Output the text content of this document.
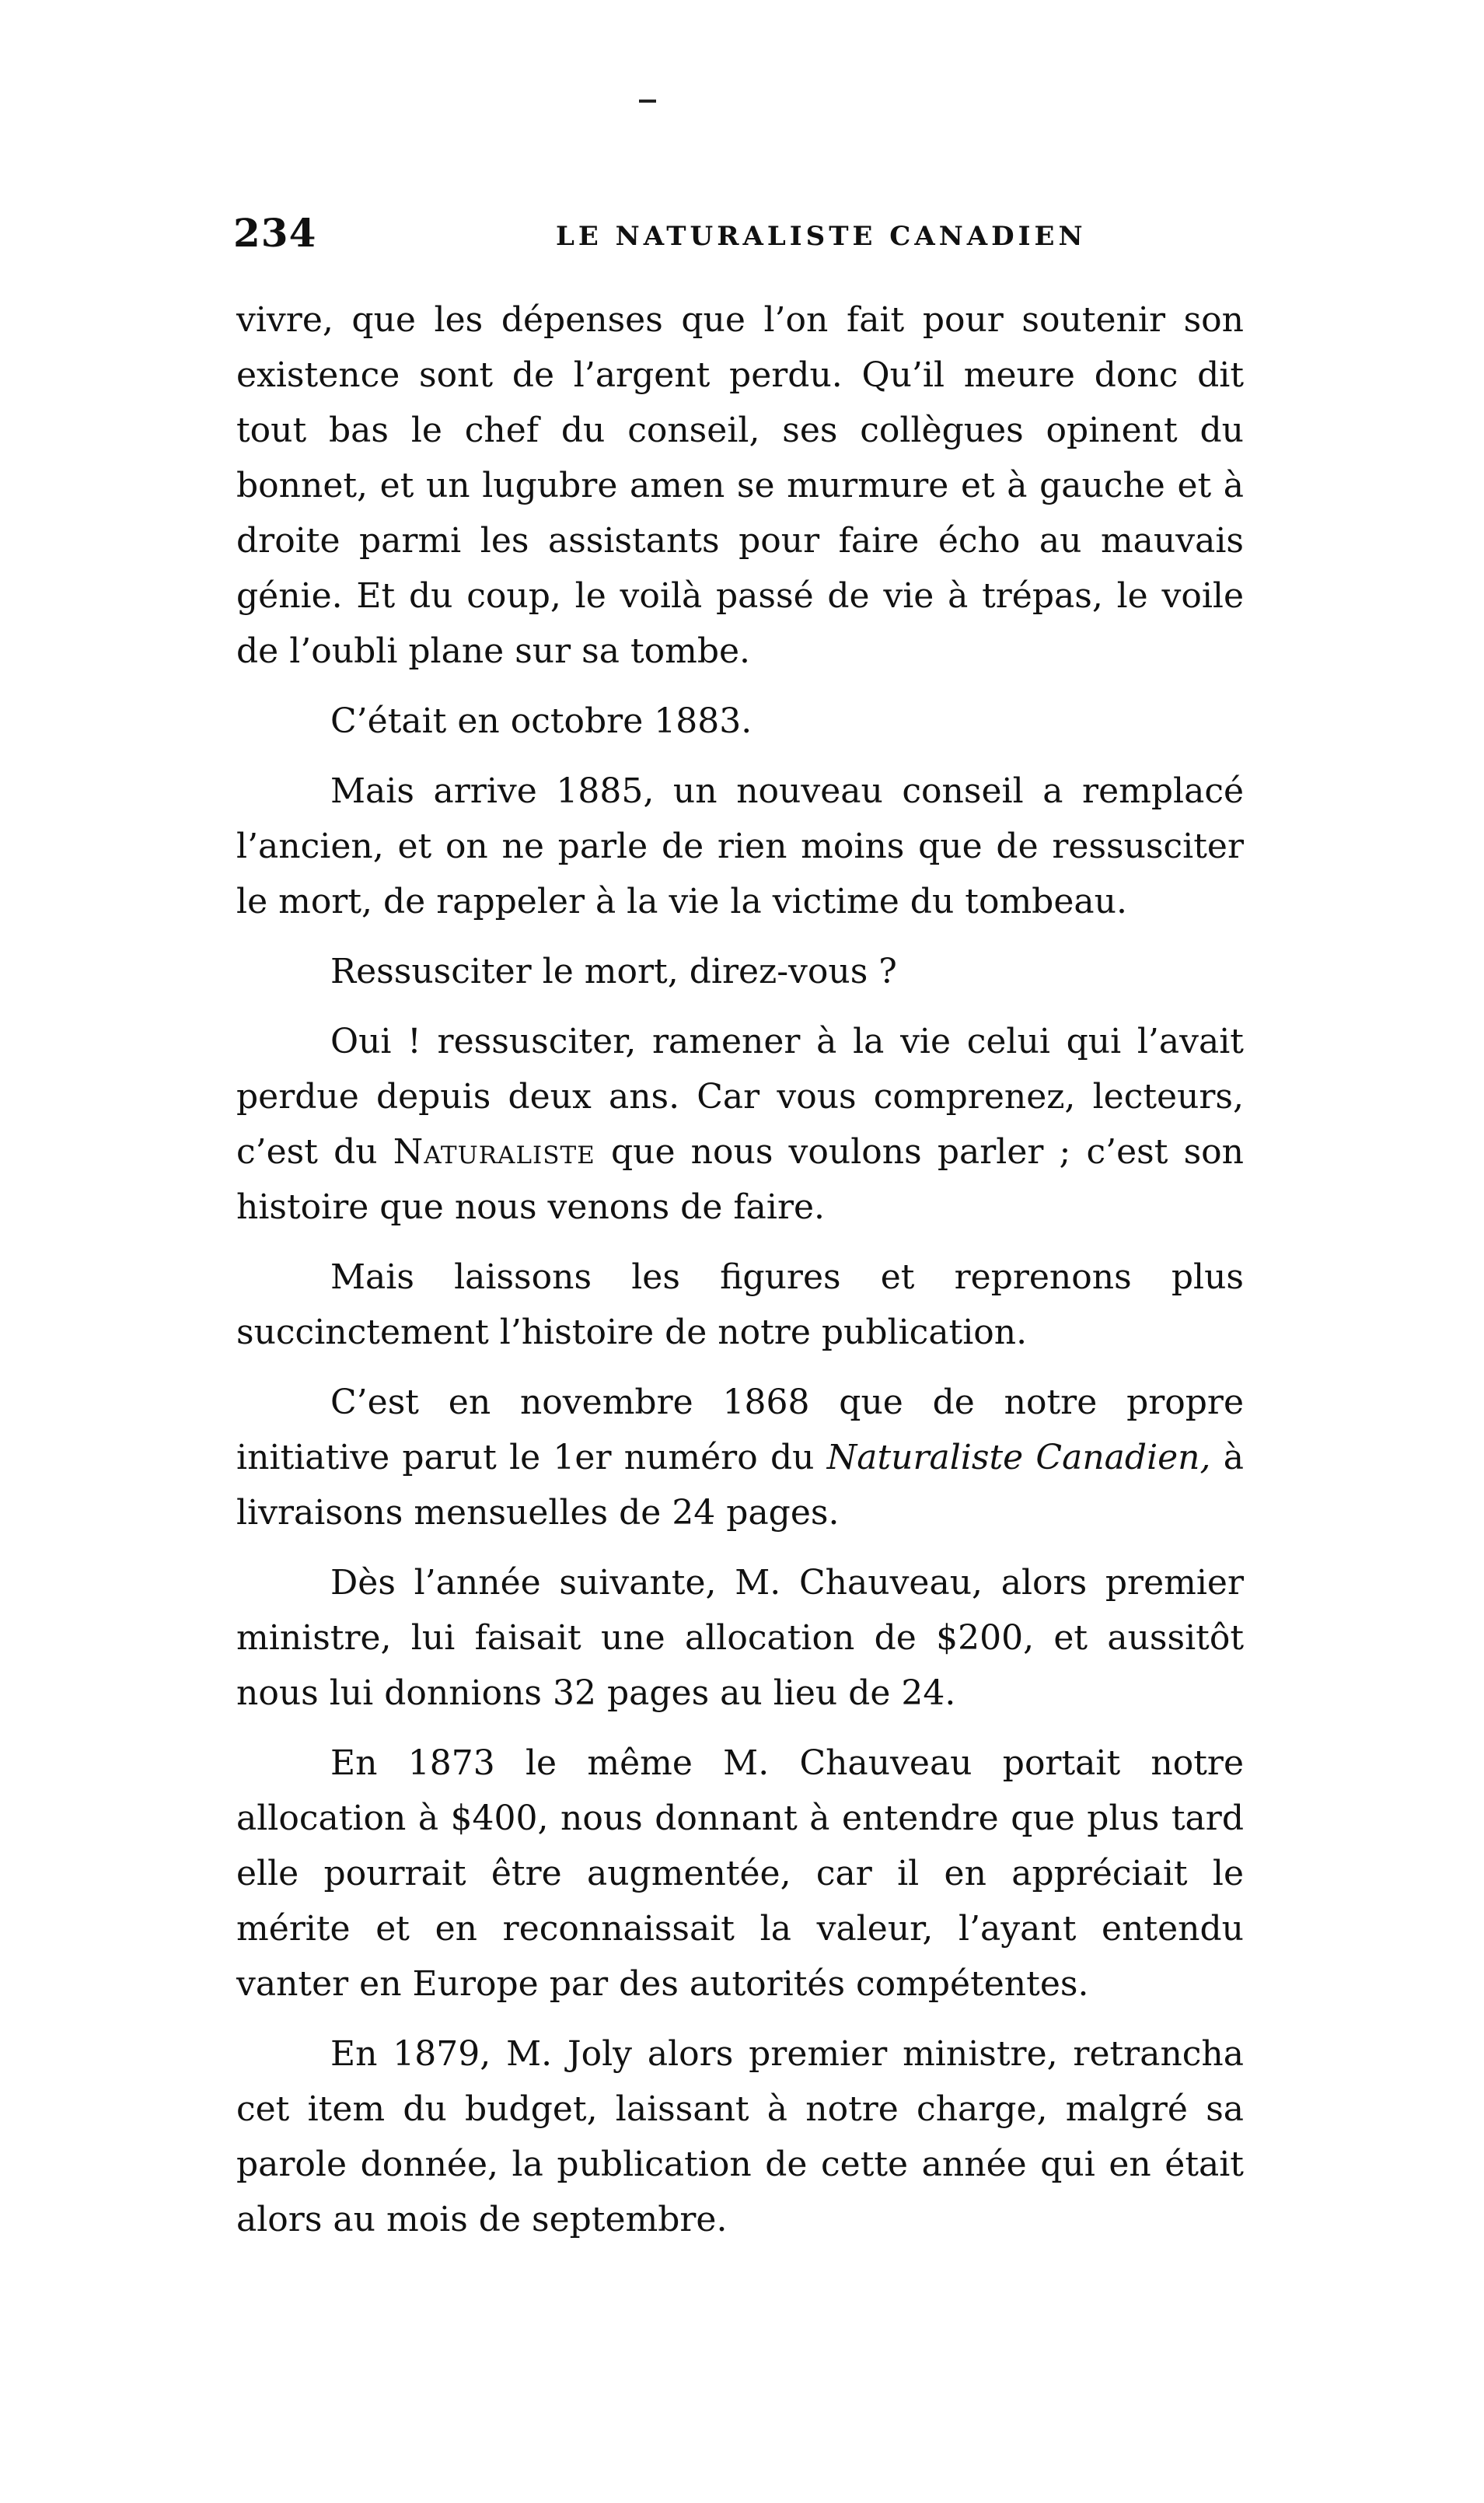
234	LE NATURALISTE CANADIEN

vivre, que les dépenses que l’on fait pour soutenir son existence sont de l’argent perdu. Qu’il meure donc dit tout bas le chef du conseil, ses collègues opinent du bonnet, et un lugubre amen se murmure et à gauche et à droite parmi les assistants pour faire écho au mauvais génie. Et du coup, le voilà passé de vie à trépas, le voile de l’oubli plane sur sa tombe.

C’était en octobre 1883.

Mais arrive 1885, un nouveau conseil a remplacé l’ancien, et on ne parle de rien moins que de ressusciter le mort, de rappeler à la vie la victime du tombeau.

Ressusciter le mort, direz-vous ?

Oui ! ressusciter, ramener à la vie celui qui l’avait perdue depuis deux ans. Car vous comprenez, lecteurs, c’est du Naturaliste que nous voulons parler ; c’est son histoire que nous venons de faire.

Mais laissons les figures et reprenons plus succinctement l’histoire de notre publication.

C’est en novembre 1868 que de notre propre initiative parut le 1er numéro du Naturaliste Canadien, à livraisons mensuelles de 24 pages.

Dès l’année suivante, M. Chauveau, alors premier ministre, lui faisait une allocation de $200, et aussitôt nous lui donnions 32 pages au lieu de 24.

En 1873 le même M. Chauveau portait notre allocation à $400, nous donnant à entendre que plus tard elle pourrait être augmentée, car il en appréciait le mérite et en reconnaissait la valeur, l’ayant entendu vanter en Europe par des autorités compétentes.

En 1879, M. Joly alors premier ministre, retrancha cet item du budget, laissant à notre charge, malgré sa parole donnée, la publication de cette année qui en était alors au mois de septembre.
